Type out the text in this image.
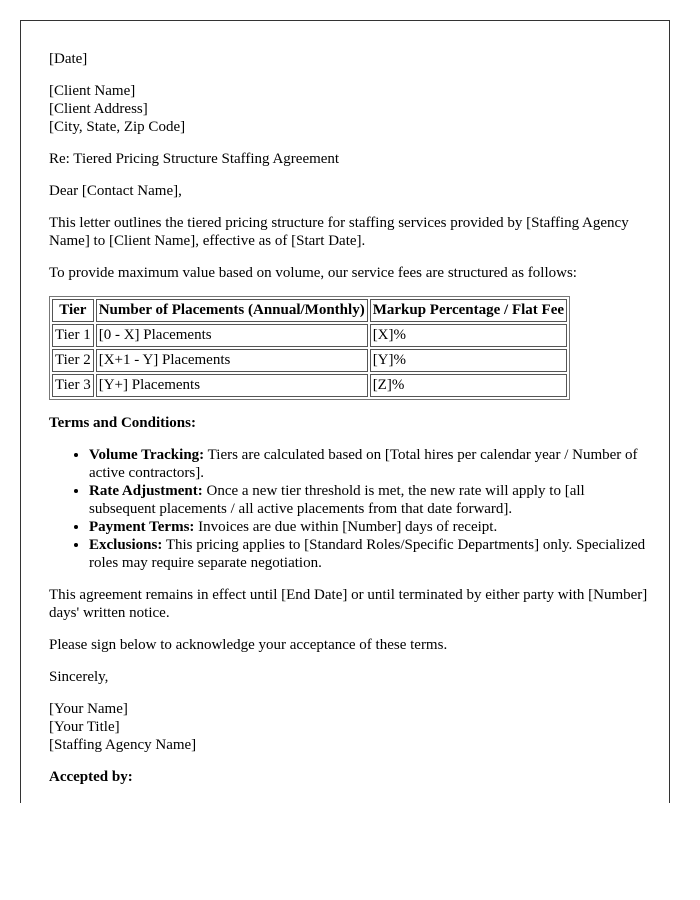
[Date]

[Client Name]
[Client Address]
[City, State, Zip Code]

Re: Tiered Pricing Structure Staffing Agreement

Dear [Contact Name],

This letter outlines the tiered pricing structure for staffing services provided by [Staffing Agency Name] to [Client Name], effective as of [Start Date].

To provide maximum value based on volume, our service fees are structured as follows:

Tier	Number of Placements (Annual/Monthly)	Markup Percentage / Flat Fee
Tier 1	[0 - X] Placements	[X]%
Tier 2	[X+1 - Y] Placements	[Y]%
Tier 3	[Y+] Placements	[Z]%

Terms and Conditions:

• Volume Tracking: Tiers are calculated based on [Total hires per calendar year / Number of active contractors].
• Rate Adjustment: Once a new tier threshold is met, the new rate will apply to [all subsequent placements / all active placements from that date forward].
• Payment Terms: Invoices are due within [Number] days of receipt.
• Exclusions: This pricing applies to [Standard Roles/Specific Departments] only. Specialized roles may require separate negotiation.

This agreement remains in effect until [End Date] or until terminated by either party with [Number] days' written notice.

Please sign below to acknowledge your acceptance of these terms.

Sincerely,

[Your Name]
[Your Title]
[Staffing Agency Name]

Accepted by:
